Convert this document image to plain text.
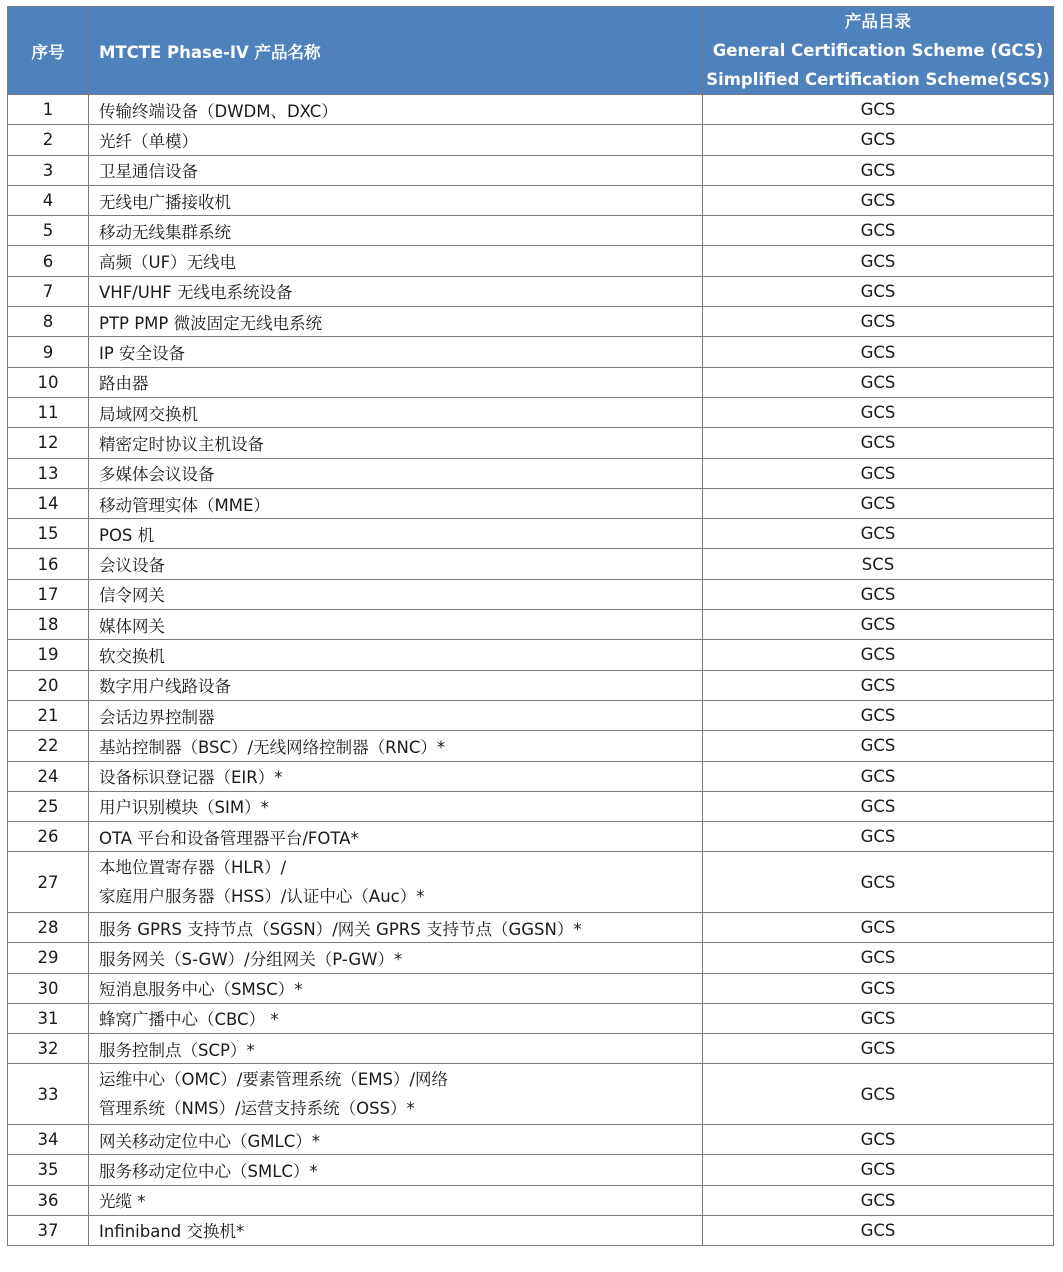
序号	MTCTE Phase-IV 产品名称	产品目录
General Certification Scheme (GCS)
Simplified Certification Scheme(SCS)

1	传输终端设备（DWDM、DXC）	GCS
2	光纤（单模）	GCS
3	卫星通信设备	GCS
4	无线电广播接收机	GCS
5	移动无线集群系统	GCS
6	高频（UF）无线电	GCS
7	VHF/UHF 无线电系统设备	GCS
8	PTP PMP 微波固定无线电系统	GCS
9	IP 安全设备	GCS
10	路由器	GCS
11	局域网交换机	GCS
12	精密定时协议主机设备	GCS
13	多媒体会议设备	GCS
14	移动管理实体（MME）	GCS
15	POS 机	GCS
16	会议设备	SCS
17	信令网关	GCS
18	媒体网关	GCS
19	软交换机	GCS
20	数字用户线路设备	GCS
21	会话边界控制器	GCS
22	基站控制器（BSC）/无线网络控制器（RNC）*	GCS
24	设备标识登记器（EIR）*	GCS
25	用户识别模块（SIM）*	GCS
26	OTA 平台和设备管理器平台/FOTA*	GCS
27	本地位置寄存器（HLR）/
家庭用户服务器（HSS）/认证中心（Auc）*	GCS
28	服务 GPRS 支持节点（SGSN）/网关 GPRS 支持节点（GGSN）*	GCS
29	服务网关（S-GW）/分组网关（P-GW）*	GCS
30	短消息服务中心（SMSC）*	GCS
31	蜂窝广播中心（CBC） *	GCS
32	服务控制点（SCP）*	GCS
33	运维中心（OMC）/要素管理系统（EMS）/网络
管理系统（NMS）/运营支持系统（OSS）*	GCS
34	网关移动定位中心（GMLC）*	GCS
35	服务移动定位中心（SMLC）*	GCS
36	光缆 *	GCS
37	Infiniband 交换机*	GCS
